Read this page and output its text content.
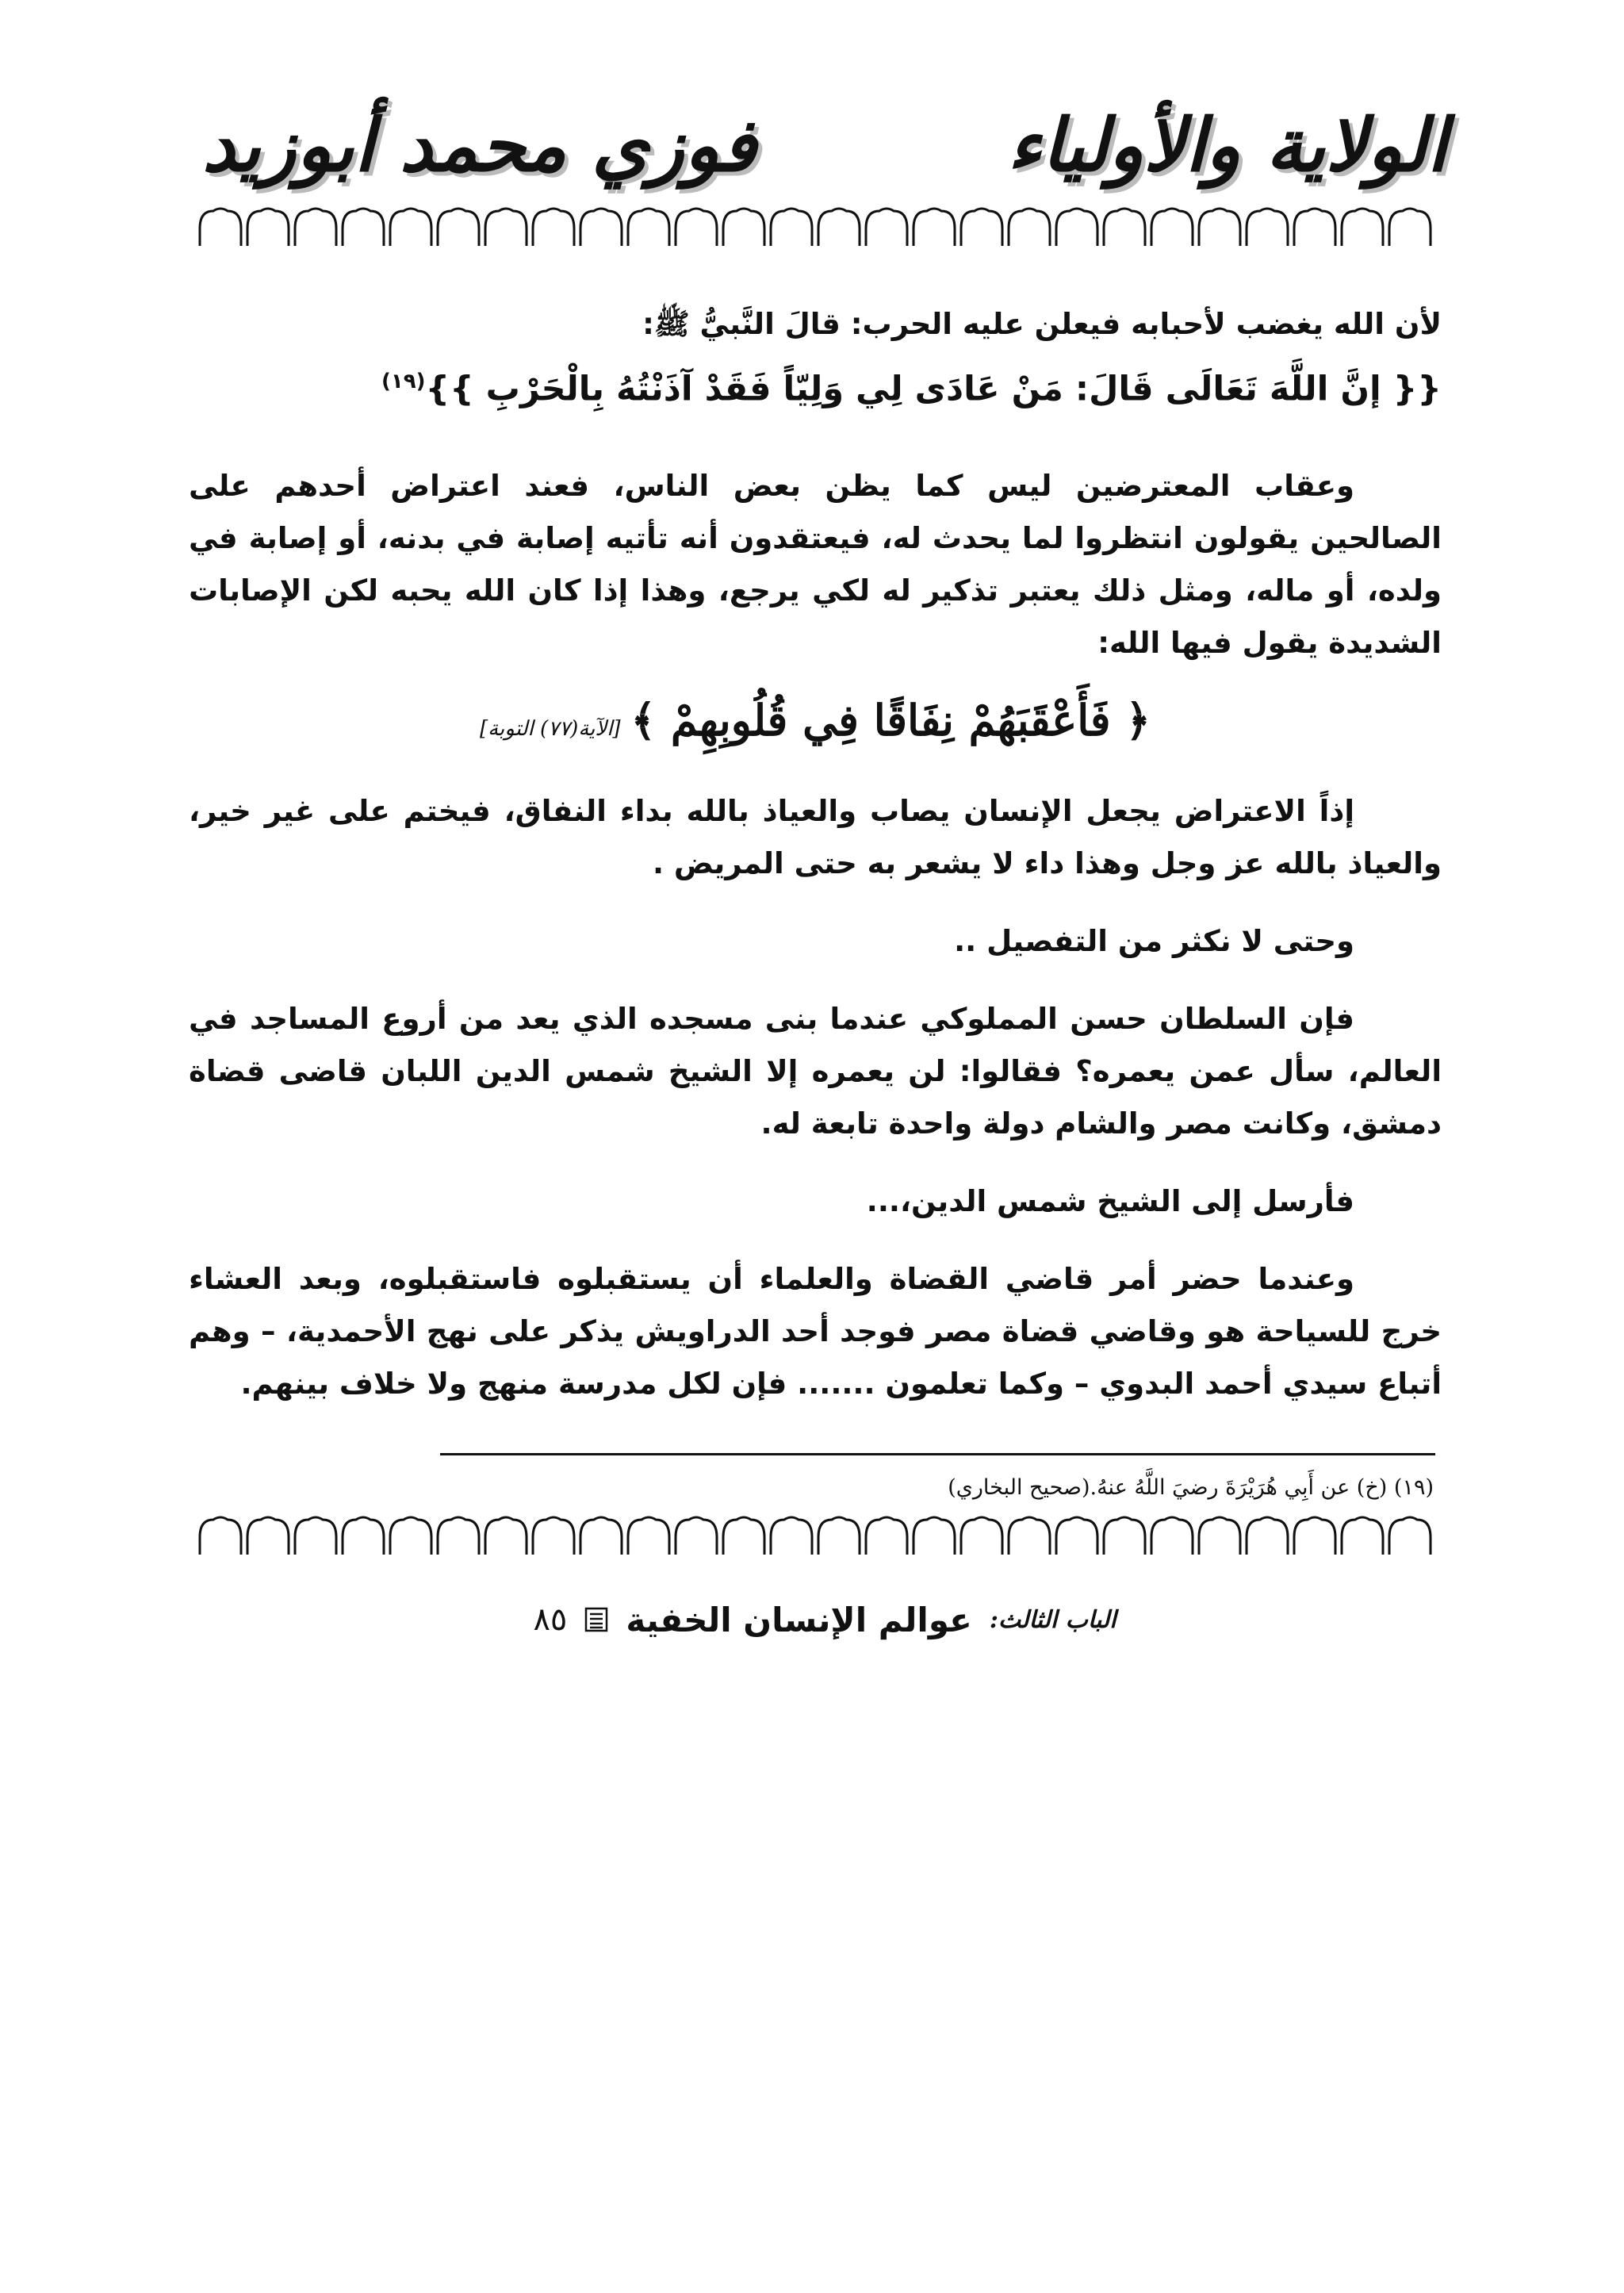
الولاية والأولياء
فوزي محمد أبوزيد

لأن الله يغضب لأحبابه فيعلن عليه الحرب: قالَ النَّبيُّ ﷺ:

{{ إنَّ اللَّهَ تَعَالَى قَالَ: مَنْ عَادَى لِي وَلِيّاً فَقَدْ آذَنْتُهُ بِالْحَرْبِ }}$^{(١٩)}$

وعقاب المعترضين ليس كما يظن بعض الناس، فعند اعتراض أحدهم على الصالحين يقولون انتظروا لما يحدث له، فيعتقدون أنه تأتيه إصابة في بدنه، أو إصابة في ولده، أو ماله، ومثل ذلك يعتبر تذكير له لكي يرجع، وهذا إذا كان الله يحبه لكن الإصابات الشديدة يقول فيها الله:

﴿ فَأَعْقَبَهُمْ نِفَاقًا فِي قُلُوبِهِمْ ﴾ [الآية(٧٧) التوبة]

إذاً الاعتراض يجعل الإنسان يصاب والعياذ بالله بداء النفاق، فيختم على غير خير، والعياذ بالله عز وجل وهذا داء لا يشعر به حتى المريض .

وحتى لا نكثر من التفصيل ..

فإن السلطان حسن المملوكي عندما بنى مسجده الذي يعد من أروع المساجد في العالم، سأل عمن يعمره؟ فقالوا: لن يعمره إلا الشيخ شمس الدين اللبان قاضى قضاة دمشق، وكانت مصر والشام دولة واحدة تابعة له.

فأرسل إلى الشيخ شمس الدين،...

وعندما حضر أمر قاضي القضاة والعلماء أن يستقبلوه فاستقبلوه، وبعد العشاء خرج للسياحة هو وقاضي قضاة مصر فوجد أحد الدراويش يذكر على نهج الأحمدية، – وهم أتباع سيدي أحمد البدوي – وكما تعلمون ....... فإن لكل مدرسة منهج ولا خلاف بينهم.

(١٩) (خ) عن أَبِي هُرَيْرَةَ رضيَ اللَّهُ عنهُ.(صحيح البخاري)
الباب الثالث:
عوالم الإنسان الخفية
٨٥
